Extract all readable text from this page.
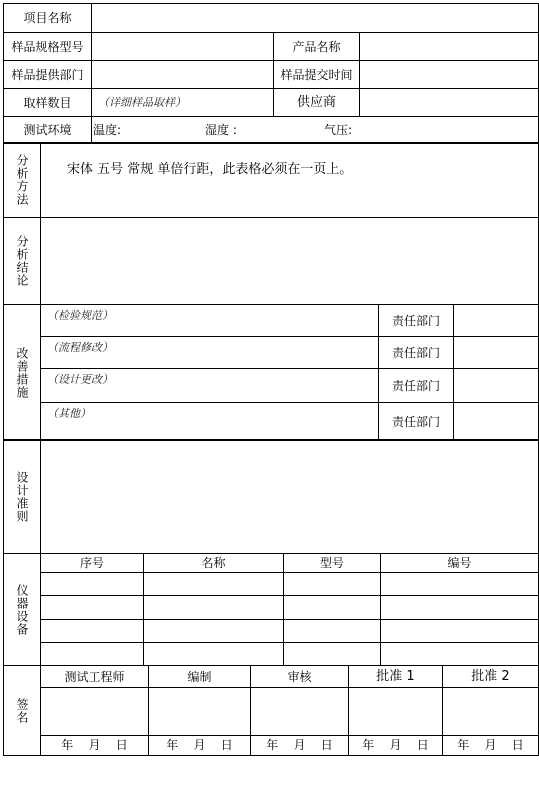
项目名称			
样品规格型号		产品名称	
样品提供部门		样品提交时间	
取样数目	（详细样品取样）	供应商	
测试环境	温度: 湿度 : 气压:		
分析方法	宋体 五号 常规 单倍行距，此表格必须在一页上。		

分析结论			

改善措施	（检验规范）	责任部门	
	（流程修改）	责任部门	
	（设计更改）	责任部门	
	（其他）	责任部门	
设计准则

仪器设备	序号	名称	型号	编号

签名	测试工程师	编制	审核	批准 1	批准 2

	年 月 日	年 月 日	年 月 日	年 月 日	年 月 日
